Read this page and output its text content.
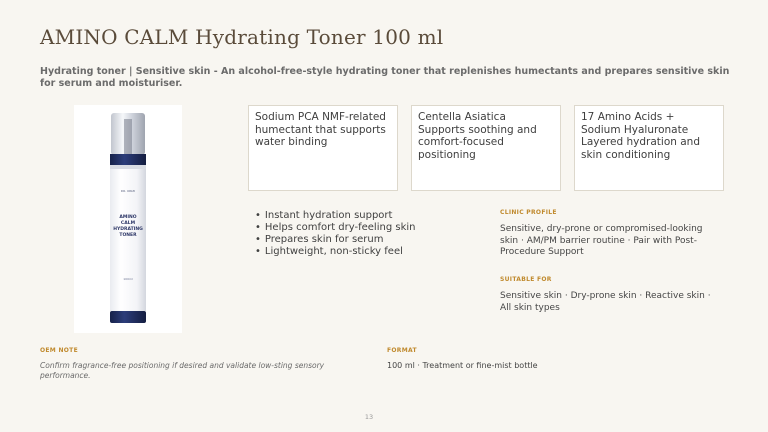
AMINO CALM Hydrating Toner 100 ml
Hydrating toner | Sensitive skin - An alcohol-free-style hydrating toner that replenishes humectants and prepares sensitive skin for serum and moisturiser.
DR. ORIZI
AMINO
CALM
HYDRATING
TONER
100ml
Sodium PCA NMF-related humectant that supports water binding
Centella Asiatica Supports soothing and comfort-focused positioning
17 Amino Acids + Sodium Hyaluronate Layered hydration and skin conditioning
• Instant hydration support
• Helps comfort dry-feeling skin
• Prepares skin for serum
• Lightweight, non-sticky feel
CLINIC PROFILE
Sensitive, dry-prone or compromised-looking skin · AM/PM barrier routine · Pair with Post-Procedure Support
SUITABLE FOR
Sensitive skin · Dry-prone skin · Reactive skin · All skin types
OEM NOTE
Confirm fragrance-free positioning if desired and validate low-sting sensory performance.
FORMAT
100 ml · Treatment or fine-mist bottle
13
